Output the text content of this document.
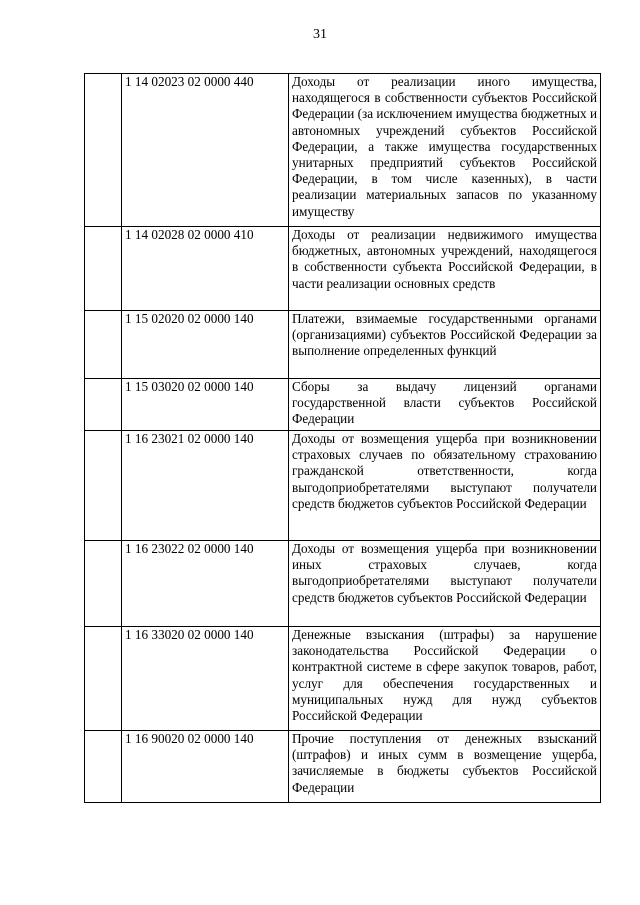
31
	1 14 02023 02 0000 440	Доходы от реализации иного имущества, находящегося в собственности субъектов Российской Федерации (за исключением имущества бюджетных и автономных учреждений субъектов Российской Федерации, а также имущества государственных унитарных предприятий субъектов Российской Федерации, в том числе казенных), в части реализации материальных запасов по указанному имуществу
	1 14 02028 02 0000 410	Доходы от реализации недвижимого имущества бюджетных, автономных учреждений, находящегося в собственности субъекта Российской Федерации, в части реализации основных средств
	1 15 02020 02 0000 140	Платежи, взимаемые государственными органами (организациями) субъектов Российской Федерации за выполнение определенных функций
	1 15 03020 02 0000 140	Сборы за выдачу лицензий органами государственной власти субъектов Российской Федерации
	1 16 23021 02 0000 140	Доходы от возмещения ущерба при возникновении страховых случаев по обязательному страхованию гражданской ответственности, когда выгодоприобретателями выступают получатели средств бюджетов субъектов Российской Федерации
	1 16 23022 02 0000 140	Доходы от возмещения ущерба при возникновении иных страховых случаев, когда выгодоприобретателями выступают получатели средств бюджетов субъектов Российской Федерации
	1 16 33020 02 0000 140	Денежные взыскания (штрафы) за нарушение законодательства Российской Федерации о контрактной системе в сфере закупок товаров, работ, услуг для обеспечения государственных и муниципальных нужд для нужд субъектов Российской Федерации
	1 16 90020 02 0000 140	Прочие поступления от денежных взысканий (штрафов) и иных сумм в возмещение ущерба, зачисляемые в бюджеты субъектов Российской Федерации
